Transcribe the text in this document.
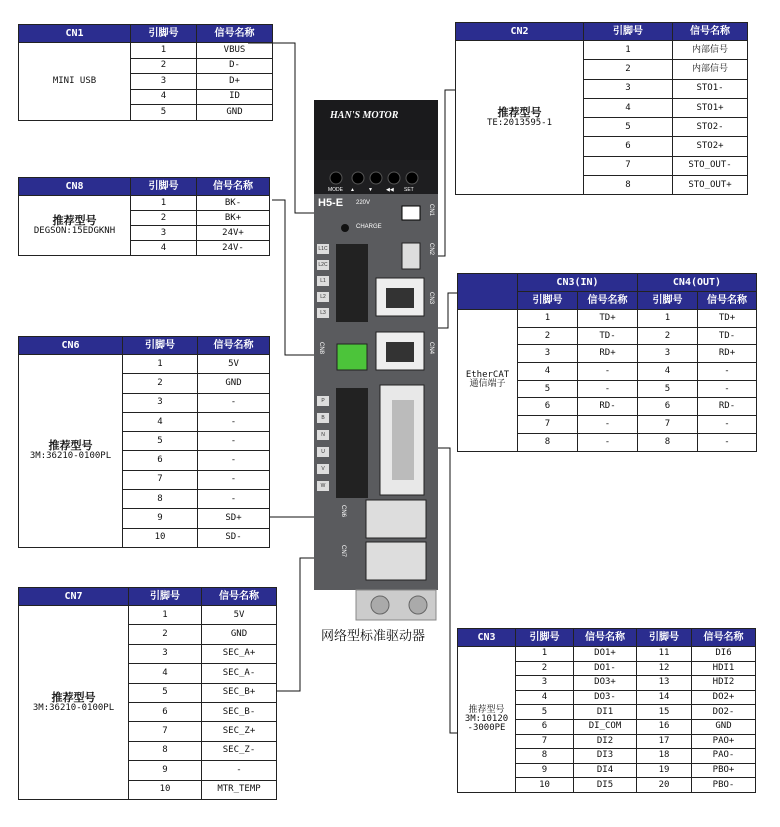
HAN'S MOTOR
H5-E 220V
CHARGE
网络型标准驱动器
MODE ▲	▼	◀◀ SET
L1C
L2C
L1
L2
L3
P
B
N
U
V
W
CN1
CN2
CN8
CN3
CN4
CN6
CN7
CN1	引脚号	信号名称

MINI USB	1	VBUS
	2	D-
	3	D+
	4	ID
	5	GND
CN8	引脚号	信号名称

推荐型号
DEGSON:15EDGKNH	1	BK-
	2	BK+
	3	24V+
	4	24V-
CN6	引脚号	信号名称

推荐型号
3M:36210-0100PL	1	5V
	2	GND
	3	-
	4	-
	5	-
	6	-
	7	-
	8	-
	9	SD+
	10	SD-
CN7	引脚号	信号名称

推荐型号
3M:36210-0100PL	1	5V
	2	GND
	3	SEC_A+
	4	SEC_A-
	5	SEC_B+
	6	SEC_B-
	7	SEC_Z+
	8	SEC_Z-
	9	-
	10	MTR_TEMP
CN2	引脚号	信号名称

推荐型号
TE:2013595-1	1	内部信号
	2	内部信号
	3	STO1-
	4	STO1+
	5	STO2-
	6	STO2+
	7	STO_OUT-
	8	STO_OUT+
	CN3(IN)		CN4(OUT)	
	引脚号	信号名称	引脚号	信号名称

EtherCAT
通信端子	1	TD+	1	TD+
	2	TD-	2	TD-
	3	RD+	3	RD+
	4	-	4	-
	5	-	5	-
	6	RD-	6	RD-
	7	-	7	-
	8	-	8	-
CN3	引脚号	信号名称	引脚号	信号名称

推荐型号
3M:10120
-3000PE	1	DO1+	11	DI6
	2	DO1-	12	HDI1
	3	DO3+	13	HDI2
	4	DO3-	14	DO2+
	5	DI1	15	DO2-
	6	DI_COM	16	GND
	7	DI2	17	PAO+
	8	DI3	18	PAO-
	9	DI4	19	PBO+
	10	DI5	20	PBO-
